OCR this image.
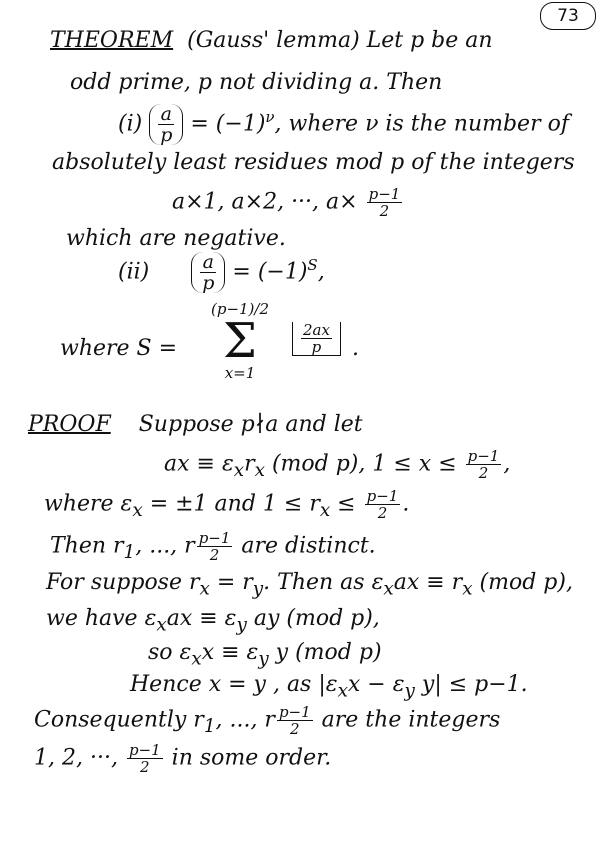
73
THEOREM (Gauss' lemma) Let p be an
odd prime, p not dividing a. Then
$(i) \frac{a}{p} = (-1)^\nu$, where ν is the number of
absolutely least residues mod p of the integers
a×1, a×2, ···, $a\times \frac{p-1}{2}$
which are negative.
(ii)	$\frac{a}{p} = (-1)^S$,
where S =
(p−1)/2
Σ
x=1
$\frac{2ax}{p}$ .
PROOF Suppose p∤a and let
ax ≡ $\varepsilon_xr_x$ (mod p), $1 \le x \le \frac{p-1}{2}$ ,
where $\varepsilon_x = \pm 1$ and $1 \le r_x \le \frac{p-1}{2}$ .
Then $r_1$, ..., r $\frac{p-1}{2}$ are distinct.
For suppose $r_x = r_y$. Then as $\varepsilon_xax \equiv r_x$ (mod p),
we have $\varepsilon_xax \equiv \varepsilon_y$ ay (mod p),
so $\varepsilon_xx \equiv \varepsilon_y$ y (mod p)
Hence x = y , as $|\varepsilon_xx - \varepsilon_y$ y| ≤ p−1.
Consequently $r_1$, ..., r $\frac{p-1}{2}$ are the integers
1, 2, ···, $\frac{p-1}{2}$ in some order.
